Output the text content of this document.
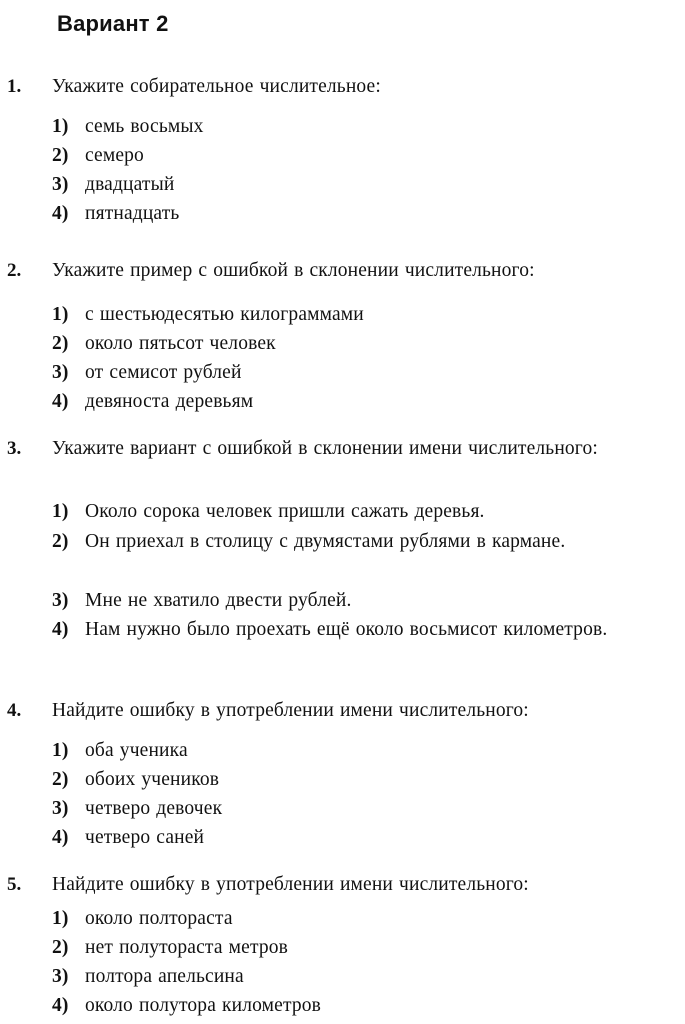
Вариант 2
1. Укажите собирательное числительное:
1) семь восьмых
2) семеро
3) двадцатый
4) пятнадцать
2. Укажите пример с ошибкой в склонении числительного:
1) с шестьюдесятью килограммами
2) около пятьсот человек
3) от семисот рублей
4) девяноста деревьям
3. Укажите вариант с ошибкой в склонении имени числительного:
1) Около сорока человек пришли сажать деревья.
2) Он приехал в столицу с двумястами рублями в кармане.
3) Мне не хватило двести рублей.
4) Нам нужно было проехать ещё около восьмисот километров.
4. Найдите ошибку в употреблении имени числительного:
1) оба ученика
2) обоих учеников
3) четверо девочек
4) четверо саней
5. Найдите ошибку в употреблении имени числительного:
1) около полтораста
2) нет полутораста метров
3) полтора апельсина
4) около полутора километров
